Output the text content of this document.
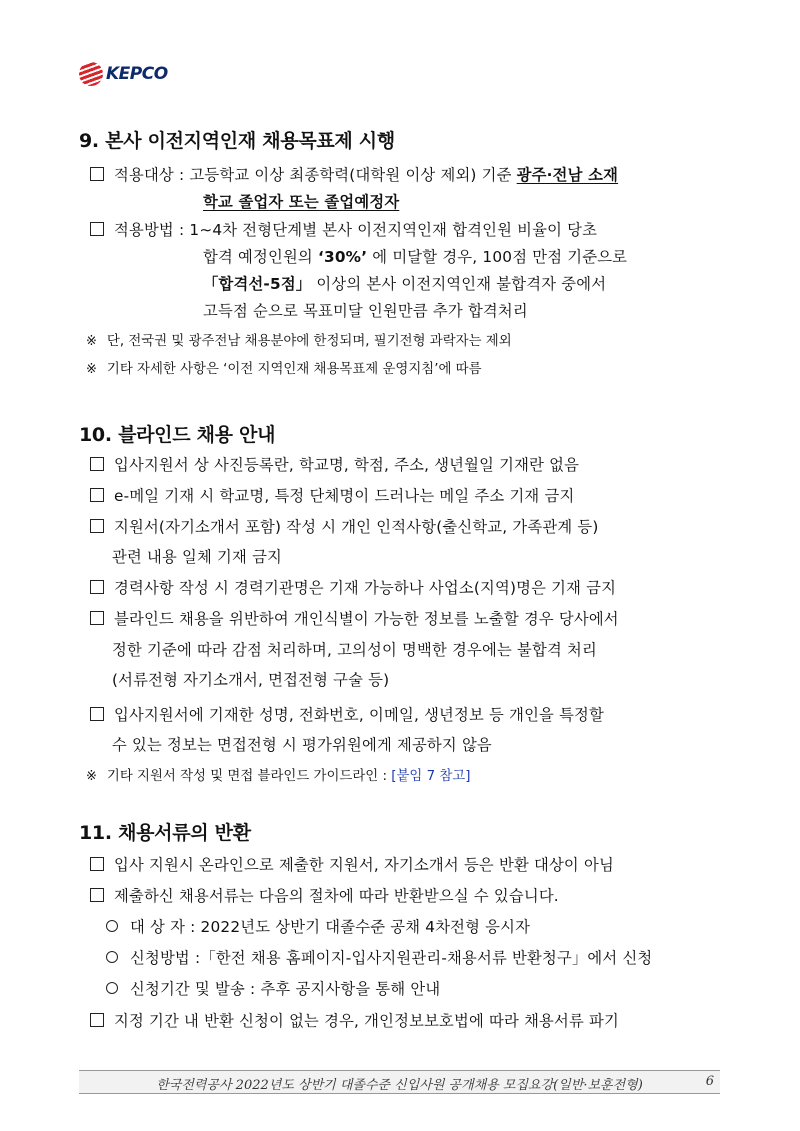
KEPCO
9. 본사 이전지역인재 채용목표제 시행
적용대상 : 고등학교 이상 최종학력(대학원 이상 제외) 기준 광주·전남 소재
학교 졸업자 또는 졸업예정자
적용방법 : 1∼4차 전형단계별 본사 이전지역인재 합격인원 비율이 당초
합격 예정인원의 ‘30%’ 에 미달할 경우, 100점 만점 기준으로
「합격선-5점」 이상의 본사 이전지역인재 불합격자 중에서
고득점 순으로 목표미달 인원만큼 추가 합격처리
※ 단, 전국권 및 광주전남 채용분야에 한정되며, 필기전형 과락자는 제외
※ 기타 자세한 사항은 ‘이전 지역인재 채용목표제 운영지침’에 따름
10. 블라인드 채용 안내
입사지원서 상 사진등록란, 학교명, 학점, 주소, 생년월일 기재란 없음
e-메일 기재 시 학교명, 특정 단체명이 드러나는 메일 주소 기재 금지
지원서(자기소개서 포함) 작성 시 개인 인적사항(출신학교, 가족관계 등)
관련 내용 일체 기재 금지
경력사항 작성 시 경력기관명은 기재 가능하나 사업소(지역)명은 기재 금지
블라인드 채용을 위반하여 개인식별이 가능한 정보를 노출할 경우 당사에서
정한 기준에 따라 감점 처리하며, 고의성이 명백한 경우에는 불합격 처리
(서류전형 자기소개서, 면접전형 구술 등)
입사지원서에 기재한 성명, 전화번호, 이메일, 생년정보 등 개인을 특정할
수 있는 정보는 면접전형 시 평가위원에게 제공하지 않음
※ 기타 지원서 작성 및 면접 블라인드 가이드라인 : [붙임 7 참고]
11. 채용서류의 반환
입사 지원시 온라인으로 제출한 지원서, 자기소개서 등은 반환 대상이 아님
제출하신 채용서류는 다음의 절차에 따라 반환받으실 수 있습니다.
대 상 자 : 2022년도 상반기 대졸수준 공채 4차전형 응시자
신청방법 :「한전 채용 홈페이지-입사지원관리-채용서류 반환청구」에서 신청
신청기간 및 발송 : 추후 공지사항을 통해 안내
지정 기간 내 반환 신청이 없는 경우, 개인정보보호법에 따라 채용서류 파기
한국전력공사 2022년도 상반기 대졸수준 신입사원 공개채용 모집요강(일반·보훈전형)	6
